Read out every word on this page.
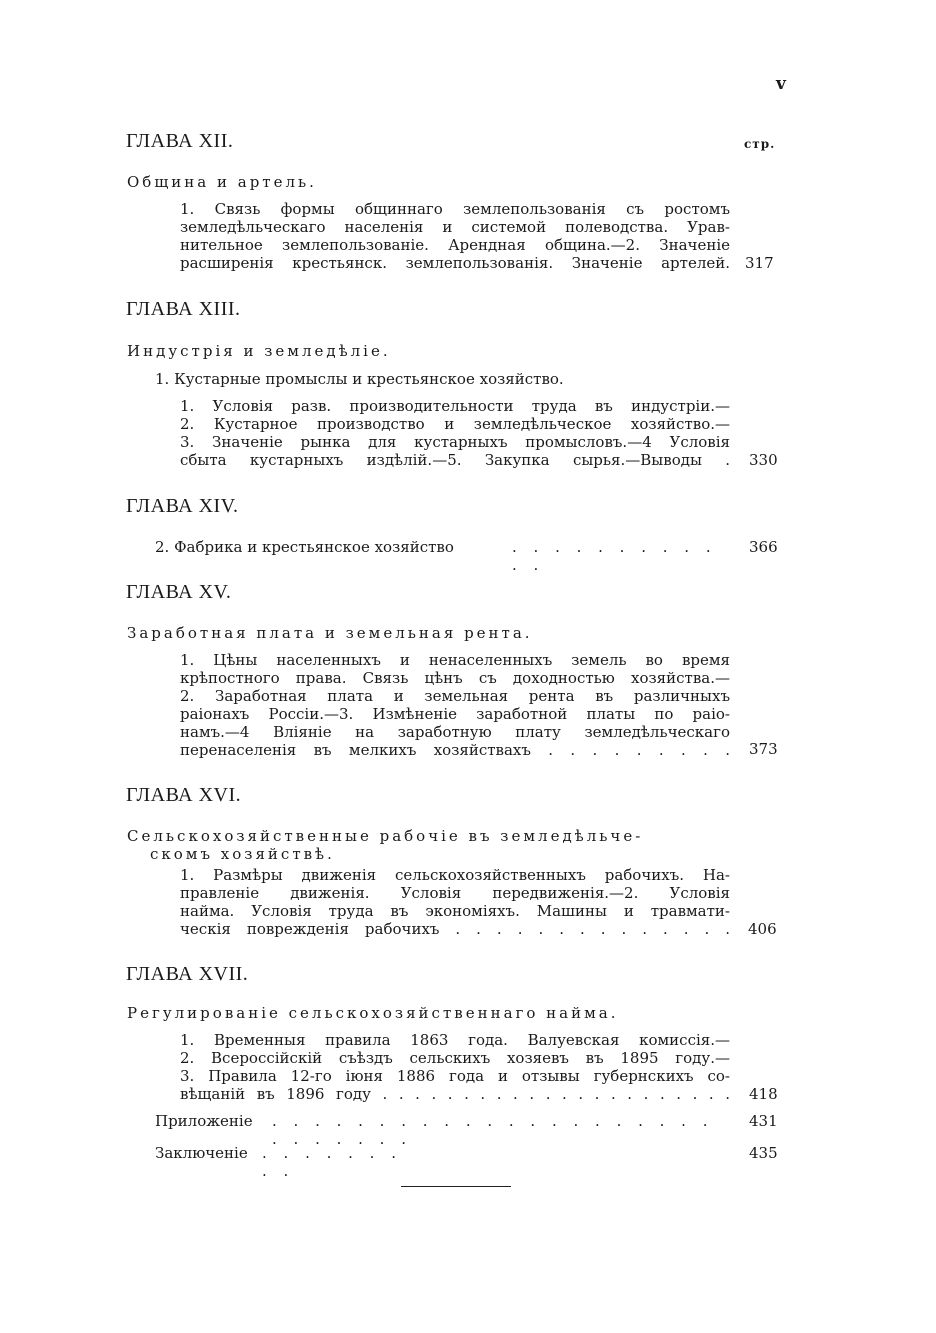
v
стр.
ГЛАВА XII.
Община и артель.
1. Связь формы общиннаго землепользованія съ ростомъ
земледѣльческаго населенія и системой полеводства. Урав-
нительное землепользованіе. Арендная община.—2. Значеніе
расширенія крестьянск. землепользованія. Значеніе артелей. 317
ГЛАВА XIII.
Индустрія и земледѣліе.
1. Кустарные промыслы и крестьянское хозяйство.
1. Условія разв. производительности труда въ индустріи.—
2. Кустарное производство и земледѣльческое хозяйство.—
3. Значеніе рынка для кустарныхъ промысловъ.—4 Условія
сбыта кустарныхъ издѣлій.—5. Закупка сырья.—Выводы . 330
ГЛАВА XIV.
2. Фабрика и крестьянское хозяйство	. . . . . . . . . . . .
366
ГЛАВА XV.
Заработная плата и земельная рента.
1. Цѣны населенныхъ и ненаселенныхъ земель во время
крѣпостного права. Связь цѣнъ съ доходностью хозяйства.—
2. Заработная плата и земельная рента въ различныхъ
раіонахъ Россіи.—3. Измѣненіе заработной платы по раіо-
намъ.—4 Вліяніе на заработную плату земледѣльческаго
перенаселенія въ мелкихъ хозяйствахъ . . . . . . . . . 373
ГЛАВА XVI.
Сельскохозяйственные рабочіе въ земледѣльче-
скомъ хозяйствѣ.
1. Размѣры движенія сельскохозяйственныхъ рабочихъ. На-
правленіе движенія. Условія передвиженія.—2. Условія
найма. Условія труда въ экономіяхъ. Машины и травмати-
ческія поврежденія рабочихъ . . . . . . . . . . . . . . 406
ГЛАВА XVII.
Регулированіе сельскохозяйственнаго найма.
1. Временныя правила 1863 года. Валуевская комиссія.—
2. Всероссійскій съѣздъ сельскихъ хозяевъ въ 1895 году.—
3. Правила 12-го іюня 1886 года и отзывы губернскихъ со-
вѣщаній въ 1896 году . . . . . . . . . . . . . . . . . . . . . . 418
Приложеніе . . . . . . . . . . . . . . . . . . . . . . . . . . . .
431
Заключеніе . . . . . . . . .
435
